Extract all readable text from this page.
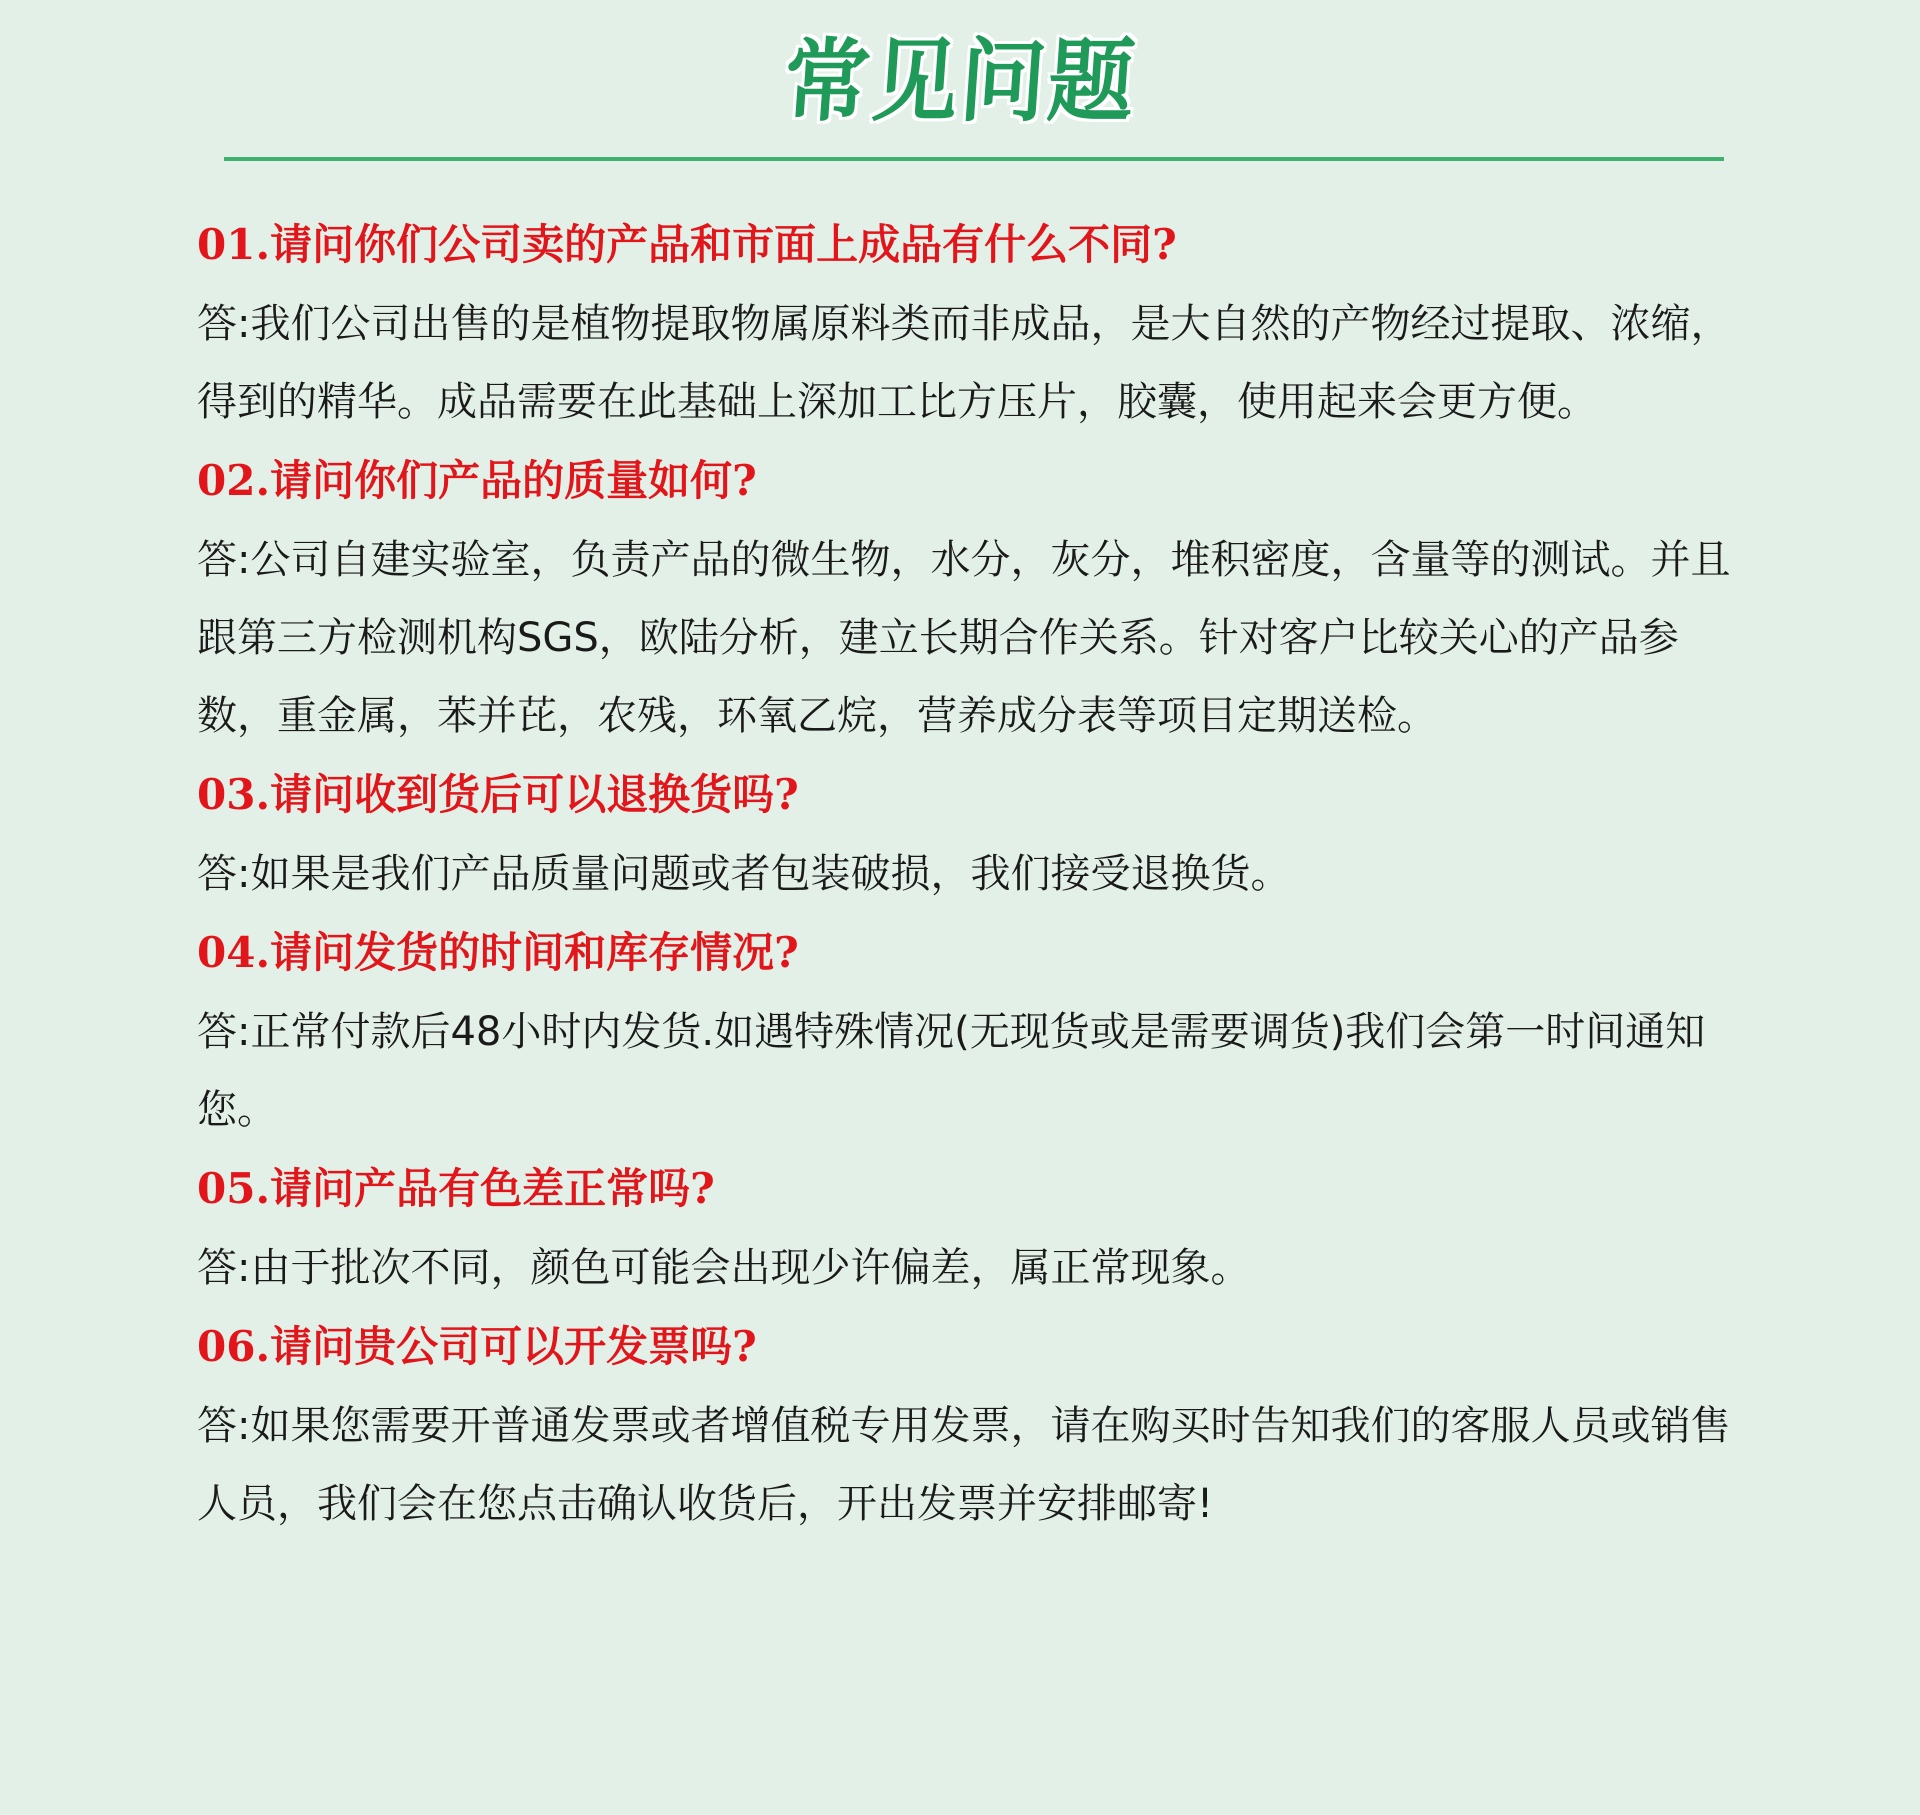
常见问题
01.请问你们公司卖的产品和市面上成品有什么不同?
答:我们公司出售的是植物提取物属原料类而非成品，是大自然的产物经过提取、浓缩，得到的精华。成品需要在此基础上深加工比方压片，胶囊，使用起来会更方便。
02.请问你们产品的质量如何?
答:公司自建实验室，负责产品的微生物，水分，灰分，堆积密度，含量等的测试。并且跟第三方检测机构SGS，欧陆分析，建立长期合作关系。针对客户比较关心的产品参数，重金属，苯并芘，农残，环氧乙烷，营养成分表等项目定期送检。
03.请问收到货后可以退换货吗?
答:如果是我们产品质量问题或者包装破损，我们接受退换货。
04.请问发货的时间和库存情况?
答:正常付款后48小时内发货.如遇特殊情况(无现货或是需要调货)我们会第一时间通知您。
05.请问产品有色差正常吗?
答:由于批次不同，颜色可能会出现少许偏差，属正常现象。
06.请问贵公司可以开发票吗?
答:如果您需要开普通发票或者增值税专用发票，请在购买时告知我们的客服人员或销售人员，我们会在您点击确认收货后，开出发票并安排邮寄!
